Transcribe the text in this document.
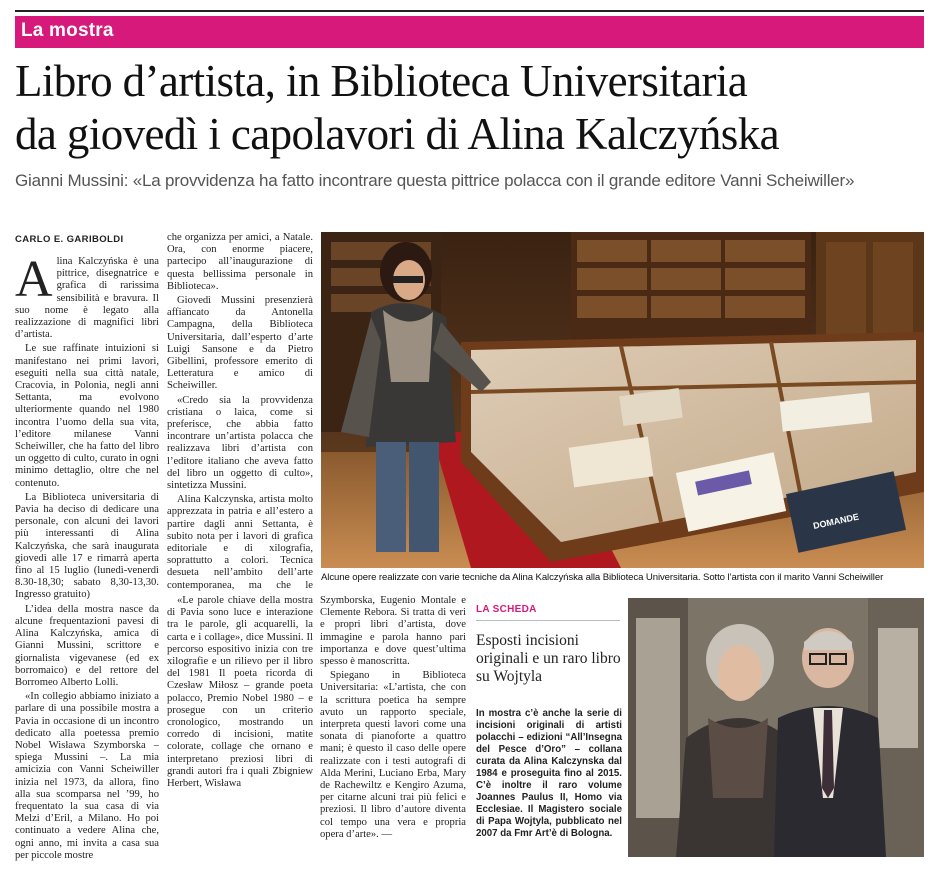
La mostra
Libro d’artista, in Biblioteca Universitaria
da giovedì i capolavori di Alina Kalczyńska
Gianni Mussini: «La provvidenza ha fatto incontrare questa pittrice polacca con il grande editore Vanni Scheiwiller»
CARLO E. GARIBOLDI

Alina Kalczyńska è una pittrice, disegnatrice e grafica di rarissima sensibilità e bravura. Il suo nome è legato alla realizzazione di magnifici libri d’artista.

Le sue raffinate intuizioni si manifestano nei primi lavori, eseguiti nella sua città natale, Cracovia, in Polonia, negli anni Settanta, ma evolvono ulteriormente quando nel 1980 incontra l’uomo della sua vita, l’editore milanese Vanni Scheiwiller, che ha fatto del libro un oggetto di culto, curato in ogni minimo dettaglio, oltre che nel contenuto.

La Biblioteca universitaria di Pavia ha deciso di dedicare una personale, con alcuni dei lavori più interessanti di Alina Kalczyńska, che sarà inaugurata giovedì alle 17 e rimarrà aperta fino al 15 luglio (lunedì-venerdì 8.30-18,30; sabato 8,30-13,30. Ingresso gratuito)

L’idea della mostra nasce da alcune frequentazioni pavesi di Alina Kalczyńska, amica di Gianni Mussini, scrittore e giornalista vigevanese (ed ex borromaico) e del rettore del Borromeo Alberto Lolli.

«In collegio abbiamo iniziato a parlare di una possibile mostra a Pavia in occasione di un incontro dedicato alla poetessa premio Nobel Wisława Szymborska – spiega Mussini –. La mia amicizia con Vanni Scheiwiller inizia nel 1973, da allora, fino alla sua scomparsa nel ’99, ho frequentato la sua casa di via Melzi d’Eril, a Milano. Ho poi continuato a vedere Alina che, ogni anno, mi invita a casa sua per piccole mostre

che organizza per amici, a Natale. Ora, con enorme piacere, partecipo all’inaugurazione di questa bellissima personale in Biblioteca».

Giovedì Mussini presenzierà affiancato da Antonella Campagna, della Biblioteca Universitaria, dall’esperto d’arte Luigi Sansone e da Pietro Gibellini, professore emerito di Letteratura e amico di Scheiwiller.

«Credo sia la provvidenza cristiana o laica, come si preferisce, che abbia fatto incontrare un’artista polacca che realizzava libri d’artista con l’editore italiano che aveva fatto del libro un oggetto di culto», sintetizza Mussini.

Alina Kalczynska, artista molto apprezzata in patria e all’estero a partire dagli anni Settanta, è subito nota per i lavori di grafica editoriale e di xilografia, soprattutto a colori. Tecnica desueta nell’ambito dell’arte contemporanea, ma che le

«Le parole chiave della mostra di Pavia sono luce e interazione tra le parole, gli acquarelli, la carta e i collage», dice Mussini. Il percorso espositivo inizia con tre xilografie e un rilievo per il libro del 1981 Il poeta ricorda di Czesław Miłosz – grande poeta polacco, Premio Nobel 1980 – e prosegue con un criterio cronologico, mostrando un corredo di incisioni, matite colorate, collage che ornano e interpretano preziosi libri di grandi autori fra i quali Zbigniew Herbert, Wisława

Szymborska, Eugenio Montale e Clemente Rebora. Si tratta di veri e propri libri d’artista, dove immagine e parola hanno pari importanza e dove quest’ultima spesso è manoscritta.

Spiegano in Biblioteca Universitaria: «L’artista, che con la scrittura poetica ha sempre avuto un rapporto speciale, interpreta questi lavori come una sonata di pianoforte a quattro mani; è questo il caso delle opere realizzate con i testi autografi di Alda Merini, Luciano Erba, Mary de Rachewiltz e Kengiro Azuma, per citarne alcuni trai più felici e preziosi. Il libro d’autore diventa col tempo una vera e propria opera d’arte». —

DOMANDE
Alcune opere realizzate con varie tecniche da Alina Kalczyńska alla Biblioteca Universitaria. Sotto l’artista con il marito Vanni Scheiwiller
LA SCHEDA
Esposti incisioni originali e un raro libro su Wojtyla
In mostra c’è anche la serie di incisioni originali di artisti polacchi – edizioni “All’Insegna del Pesce d’Oro” – collana curata da Alina Kalczynska dal 1984 e proseguita fino al 2015. C’è inoltre il raro volume Joannes Paulus II, Homo via Ecclesiae. Il Magistero sociale di Papa Wojtyla, pubblicato nel 2007 da Fmr Art’è di Bologna.
